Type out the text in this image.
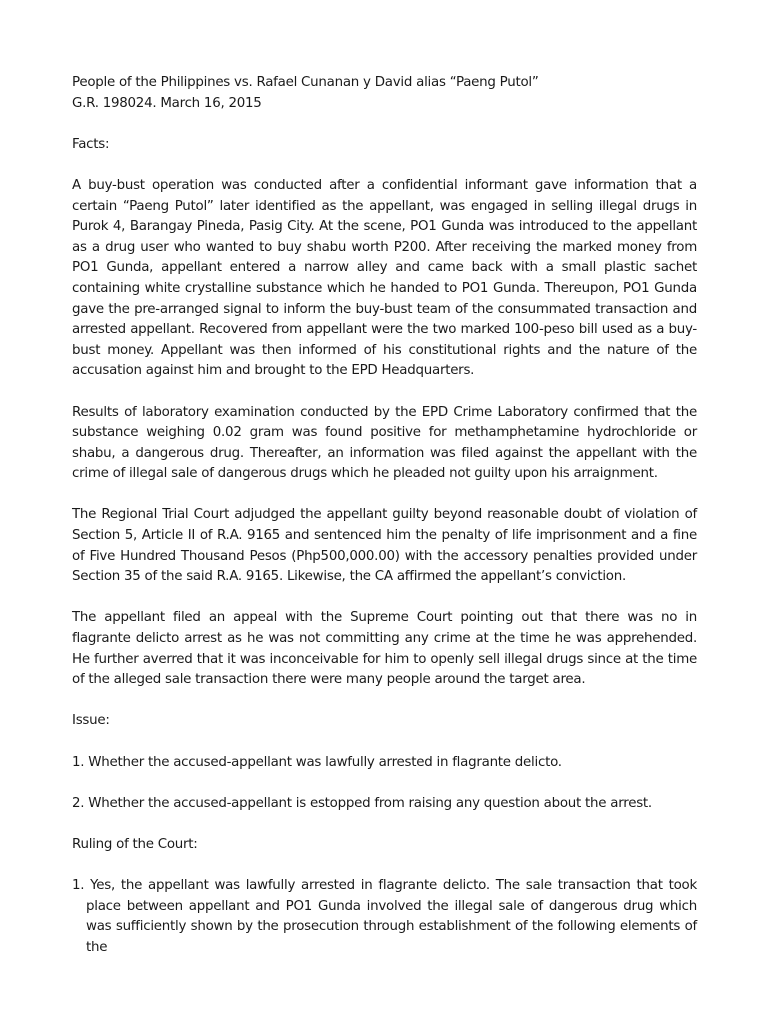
People of the Philippines vs. Rafael Cunanan y David alias “Paeng Putol”

G.R. 198024. March 16, 2015

Facts:

A buy-bust operation was conducted after a confidential informant gave information that a certain “Paeng Putol” later identified as the appellant, was engaged in selling illegal drugs in Purok 4, Barangay Pineda, Pasig City. At the scene, PO1 Gunda was introduced to the appellant as a drug user who wanted to buy shabu worth P200. After receiving the marked money from PO1 Gunda, appellant entered a narrow alley and came back with a small plastic sachet containing white crystalline substance which he handed to PO1 Gunda. Thereupon, PO1 Gunda gave the pre-arranged signal to inform the buy-bust team of the consummated transaction and arrested appellant. Recovered from appellant were the two marked 100-peso bill used as a buy-bust money. Appellant was then informed of his constitutional rights and the nature of the accusation against him and brought to the EPD Headquarters.

Results of laboratory examination conducted by the EPD Crime Laboratory confirmed that the substance weighing 0.02 gram was found positive for methamphetamine hydrochloride or shabu, a dangerous drug. Thereafter, an information was filed against the appellant with the crime of illegal sale of dangerous drugs which he pleaded not guilty upon his arraignment.

The Regional Trial Court adjudged the appellant guilty beyond reasonable doubt of violation of Section 5, Article II of R.A. 9165 and sentenced him the penalty of life imprisonment and a fine of Five Hundred Thousand Pesos (Php500,000.00) with the accessory penalties provided under Section 35 of the said R.A. 9165. Likewise, the CA affirmed the appellant’s conviction.

The appellant filed an appeal with the Supreme Court pointing out that there was no in flagrante delicto arrest as he was not committing any crime at the time he was apprehended. He further averred that it was inconceivable for him to openly sell illegal drugs since at the time of the alleged sale transaction there were many people around the target area.

Issue:

1. Whether the accused-appellant was lawfully arrested in flagrante delicto.

2. Whether the accused-appellant is estopped from raising any question about the arrest.

Ruling of the Court:

1. Yes, the appellant was lawfully arrested in flagrante delicto. The sale transaction that took place between appellant and PO1 Gunda involved the illegal sale of dangerous drug which was sufficiently shown by the prosecution through establishment of the following elements of the
